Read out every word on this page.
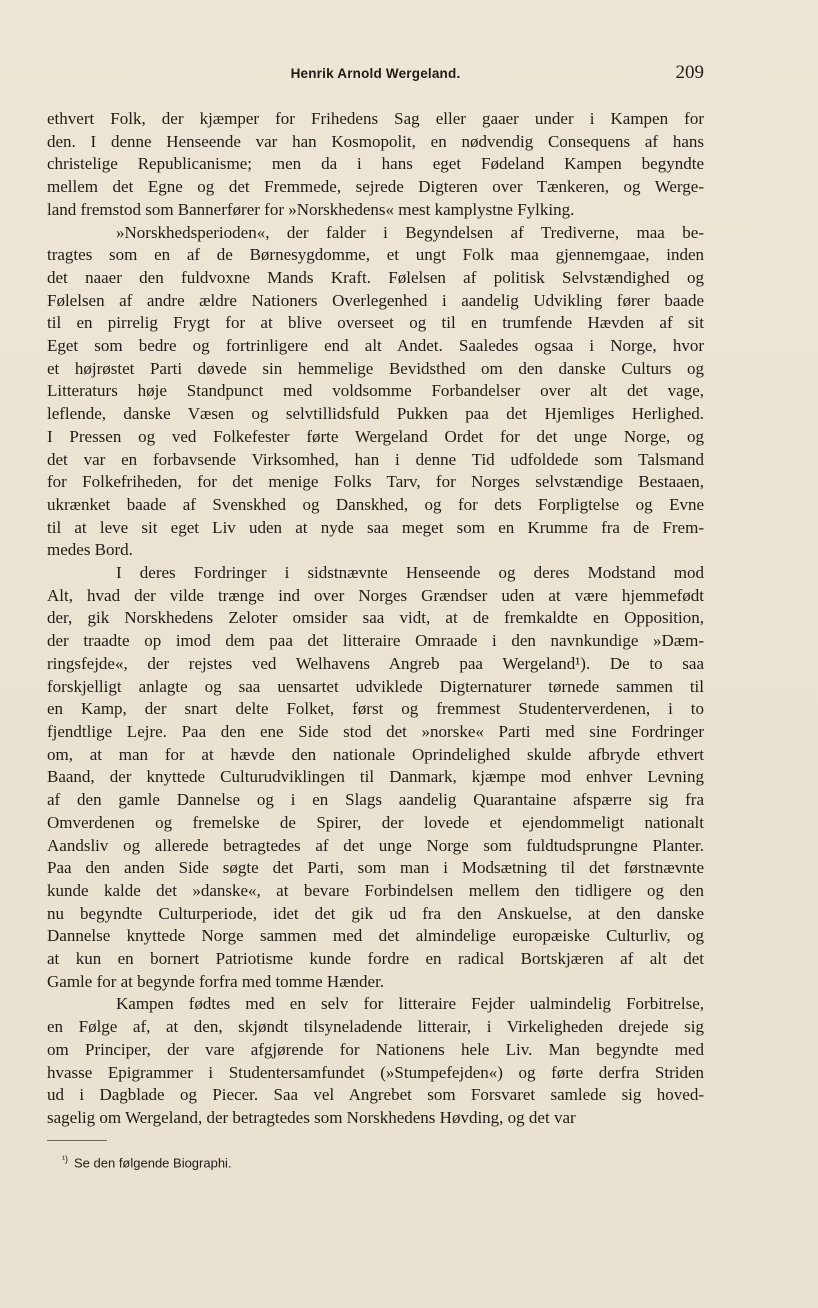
Henrik Arnold Wergeland.	209

ethvert Folk, der kjæmper for Frihedens Sag eller gaaer under i Kampen for
den. I denne Henseende var han Kosmopolit, en nødvendig Consequens af hans
christelige Republicanisme; men da i hans eget Fødeland Kampen begyndte
mellem det Egne og det Fremmede, sejrede Digteren over Tænkeren, og Werge-
land fremstod som Bannerfører for »Norskhedens« mest kamplystne Fylking.

»Norskhedsperioden«, der falder i Begyndelsen af Trediverne, maa be-
tragtes som en af de Børnesygdomme, et ungt Folk maa gjennemgaae, inden
det naaer den fuldvoxne Mands Kraft. Følelsen af politisk Selvstændighed og
Følelsen af andre ældre Nationers Overlegenhed i aandelig Udvikling fører baade
til en pirrelig Frygt for at blive overseet og til en trumfende Hævden af sit
Eget som bedre og fortrinligere end alt Andet. Saaledes ogsaa i Norge, hvor
et højrøstet Parti døvede sin hemmelige Bevidsthed om den danske Culturs og
Litteraturs høje Standpunct med voldsomme Forbandelser over alt det vage,
leflende, danske Væsen og selvtillidsfuld Pukken paa det Hjemliges Herlighed.
I Pressen og ved Folkefester førte Wergeland Ordet for det unge Norge, og
det var en forbavsende Virksomhed, han i denne Tid udfoldede som Talsmand
for Folkefriheden, for det menige Folks Tarv, for Norges selvstændige Bestaaen,
ukrænket baade af Svenskhed og Danskhed, og for dets Forpligtelse og Evne
til at leve sit eget Liv uden at nyde saa meget som en Krumme fra de Frem-
medes Bord.

I deres Fordringer i sidstnævnte Henseende og deres Modstand mod
Alt, hvad der vilde trænge ind over Norges Grændser uden at være hjemmefødt
der, gik Norskhedens Zeloter omsider saa vidt, at de fremkaldte en Opposition,
der traadte op imod dem paa det litteraire Omraade i den navnkundige »Dæm-
ringsfejde«, der rejstes ved Welhavens Angreb paa Wergeland¹). De to saa
forskjelligt anlagte og saa uensartet udviklede Digternaturer tørnede sammen til
en Kamp, der snart delte Folket, først og fremmest Studenterverdenen, i to
fjendtlige Lejre. Paa den ene Side stod det »norske« Parti med sine Fordringer
om, at man for at hævde den nationale Oprindelighed skulde afbryde ethvert
Baand, der knyttede Culturudviklingen til Danmark, kjæmpe mod enhver Levning
af den gamle Dannelse og i en Slags aandelig Quarantaine afspærre sig fra
Omverdenen og fremelske de Spirer, der lovede et ejendommeligt nationalt
Aandsliv og allerede betragtedes af det unge Norge som fuldtudsprungne Planter.
Paa den anden Side søgte det Parti, som man i Modsætning til det førstnævnte
kunde kalde det »danske«, at bevare Forbindelsen mellem den tidligere og den
nu begyndte Culturperiode, idet det gik ud fra den Anskuelse, at den danske
Dannelse knyttede Norge sammen med det almindelige europæiske Culturliv, og
at kun en bornert Patriotisme kunde fordre en radical Bortskjæren af alt det
Gamle for at begynde forfra med tomme Hænder.

Kampen fødtes med en selv for litteraire Fejder ualmindelig Forbitrelse,
en Følge af, at den, skjøndt tilsyneladende litterair, i Virkeligheden drejede sig
om Principer, der vare afgjørende for Nationens hele Liv. Man begyndte med
hvasse Epigrammer i Studentersamfundet (»Stumpefejden«) og førte derfra Striden
ud i Dagblade og Piecer. Saa vel Angrebet som Forsvaret samlede sig hoved-
sagelig om Wergeland, der betragtedes som Norskhedens Høvding, og det var

$^{^1)}$ Se den følgende Biographi.
